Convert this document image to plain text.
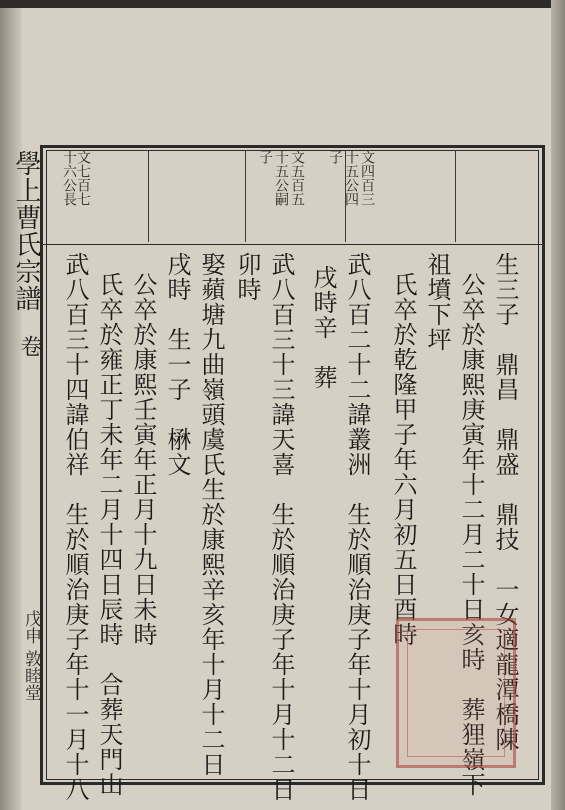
學上曹氏宗譜
卷
戊申
敦睦堂
文七百七
十六公長	文五百五
十五公嗣
子	文四百三
十五公四
子
生三子　鼎昌　鼎盛　鼎技　一女適龍潭橋陳
公卒於康熙庚寅年十二月二十日亥時　葬狸嶺下
祖墳下坪
氏卒於乾隆甲子年六月初五日酉時
武八百二十二諱叢洲　生於順治庚子年十月初十日
戌時辛　葬
武八百三十三諱天喜　生於順治庚子年十月十二日
卯時
娶蘋塘九曲嶺頭虞氏生於康熙辛亥年十月十二日
戌時　生一子　楙文
公卒於康熙壬寅年正月十九日未時
氏卒於雍正丁未年二月十四日辰時　合葬天門山
武八百三十四諱伯祥　生於順治庚子年十一月十八
